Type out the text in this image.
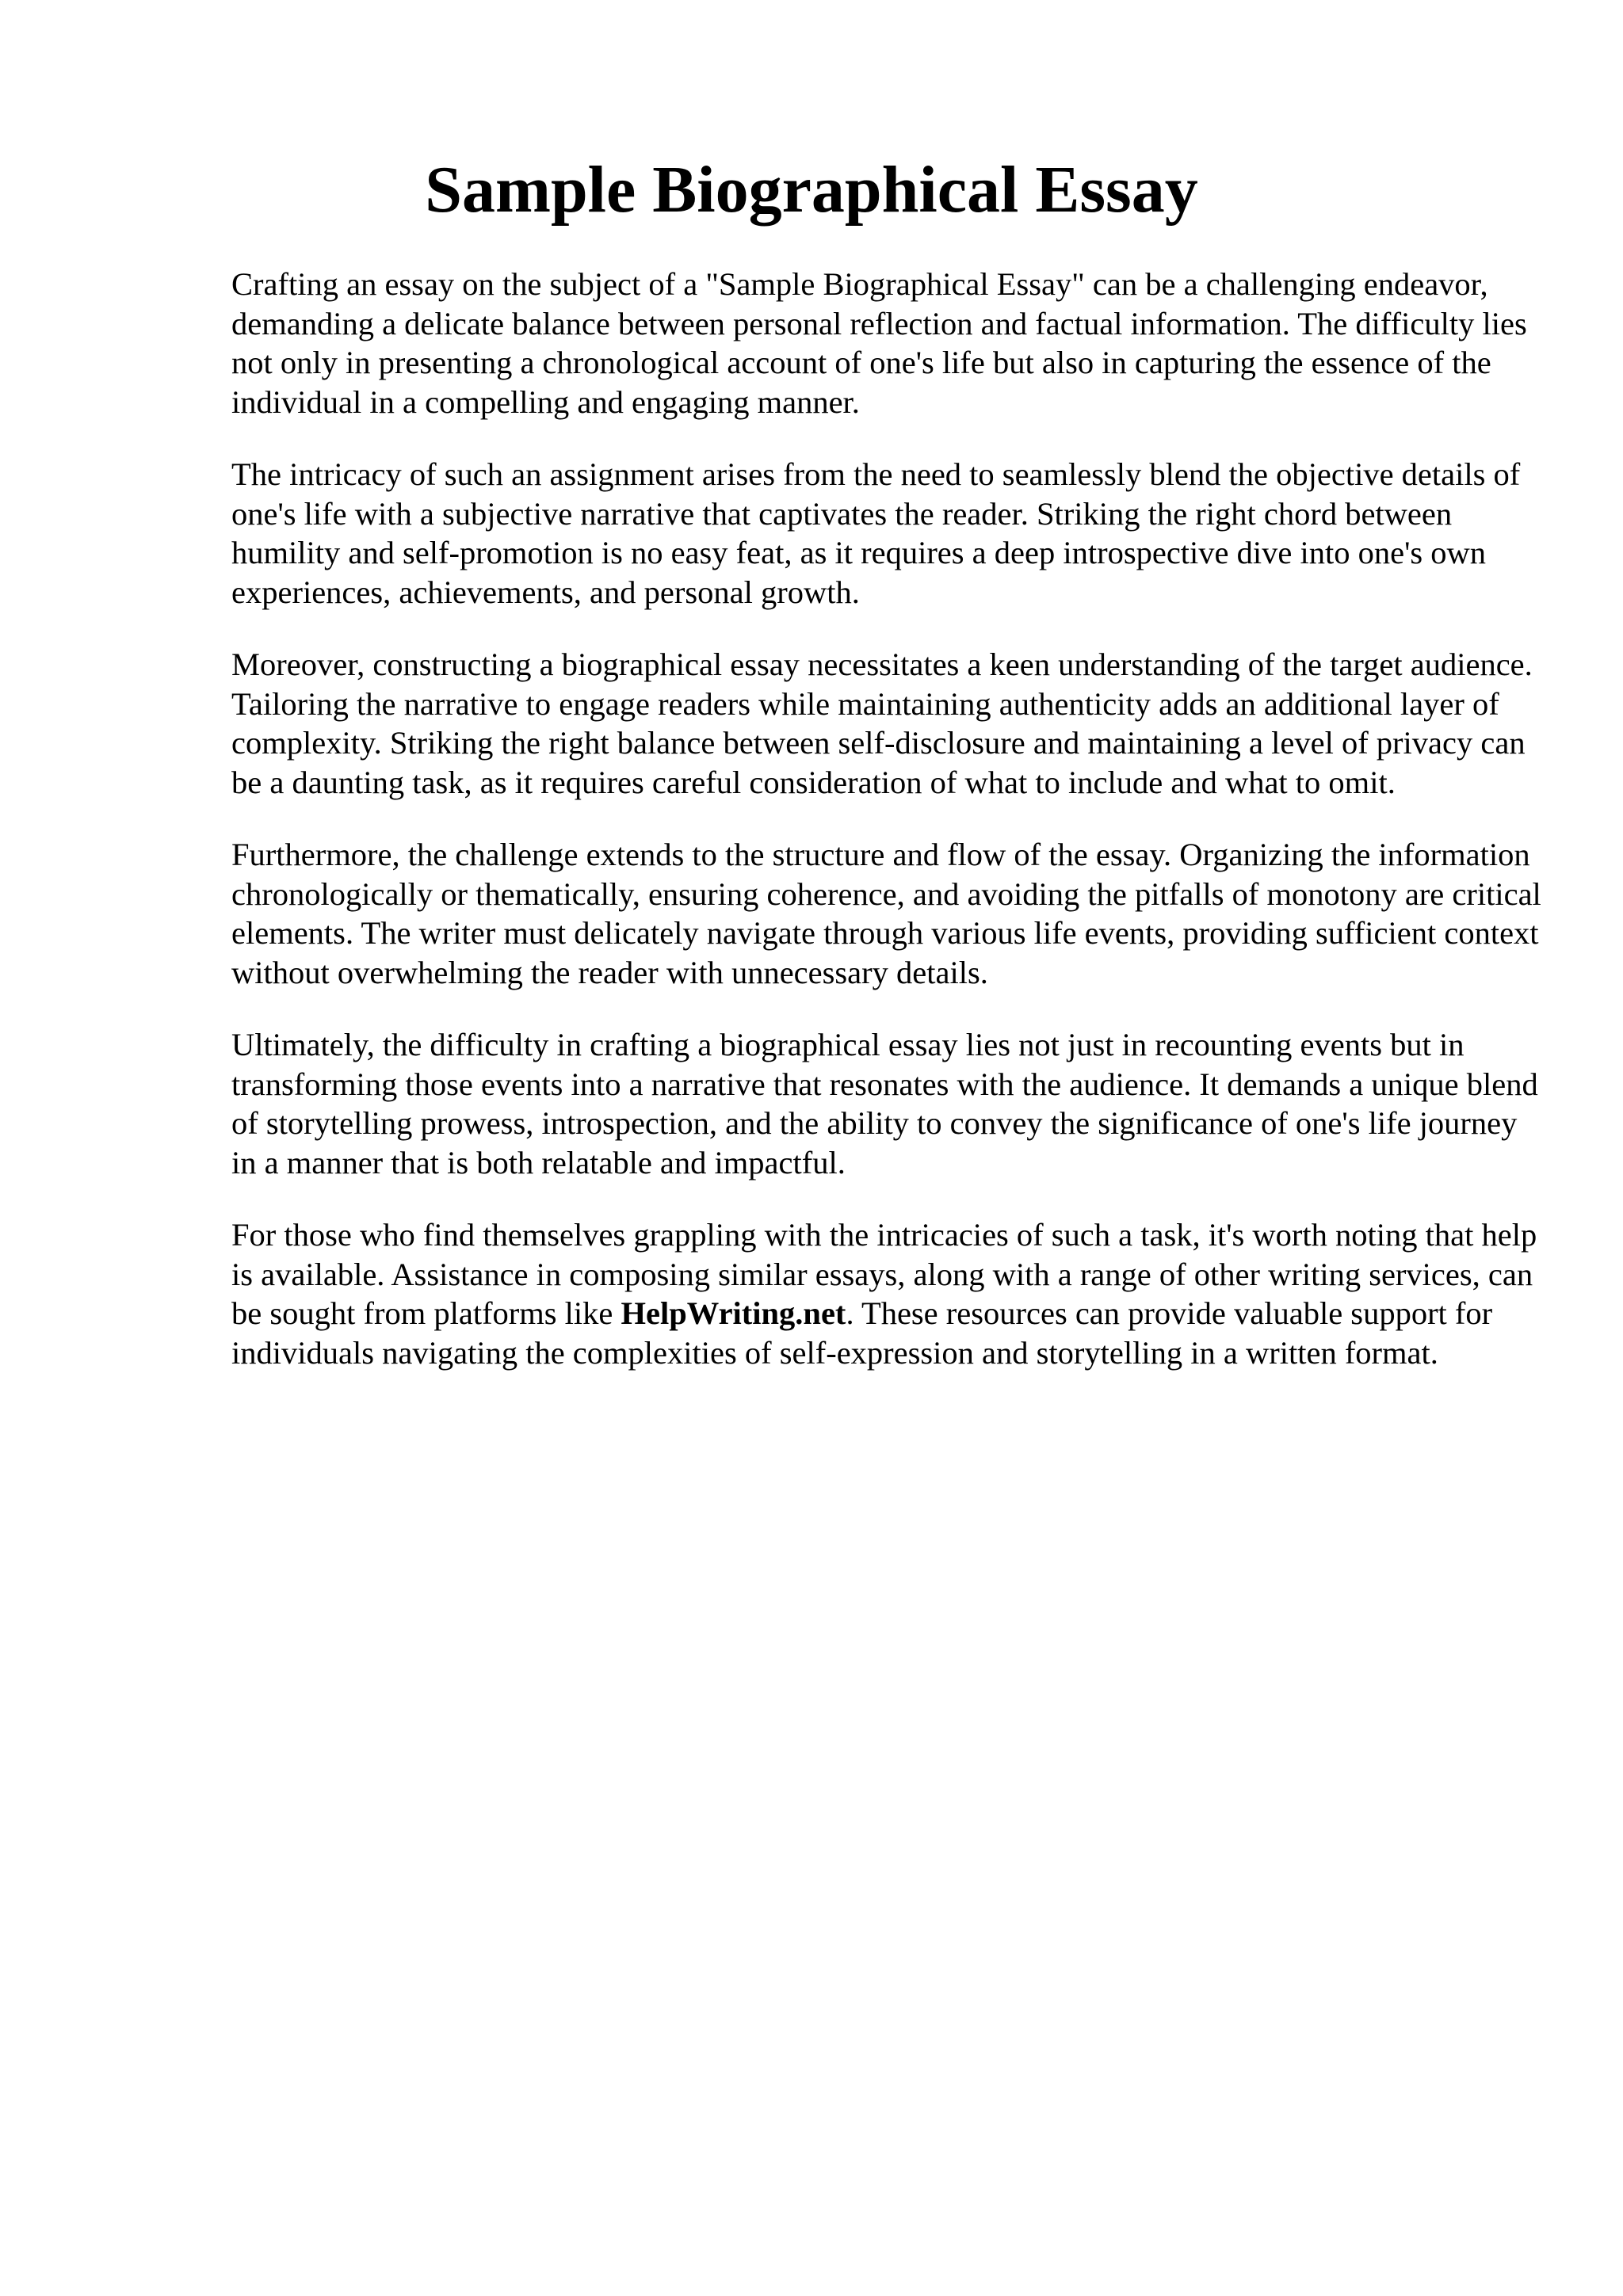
Sample Biographical Essay

Crafting an essay on the subject of a "Sample Biographical Essay" can be a challenging endeavor, demanding a delicate balance between personal reflection and factual information. The difficulty lies not only in presenting a chronological account of one's life but also in capturing the essence of the individual in a compelling and engaging manner.

The intricacy of such an assignment arises from the need to seamlessly blend the objective details of one's life with a subjective narrative that captivates the reader. Striking the right chord between humility and self-promotion is no easy feat, as it requires a deep introspective dive into one's own experiences, achievements, and personal growth.

Moreover, constructing a biographical essay necessitates a keen understanding of the target audience. Tailoring the narrative to engage readers while maintaining authenticity adds an additional layer of complexity. Striking the right balance between self-disclosure and maintaining a level of privacy can be a daunting task, as it requires careful consideration of what to include and what to omit.

Furthermore, the challenge extends to the structure and flow of the essay. Organizing the information chronologically or thematically, ensuring coherence, and avoiding the pitfalls of monotony are critical elements. The writer must delicately navigate through various life events, providing sufficient context without overwhelming the reader with unnecessary details.

Ultimately, the difficulty in crafting a biographical essay lies not just in recounting events but in transforming those events into a narrative that resonates with the audience. It demands a unique blend of storytelling prowess, introspection, and the ability to convey the significance of one's life journey in a manner that is both relatable and impactful.

For those who find themselves grappling with the intricacies of such a task, it's worth noting that help is available. Assistance in composing similar essays, along with a range of other writing services, can be sought from platforms like HelpWriting.net. These resources can provide valuable support for individuals navigating the complexities of self-expression and storytelling in a written format.
